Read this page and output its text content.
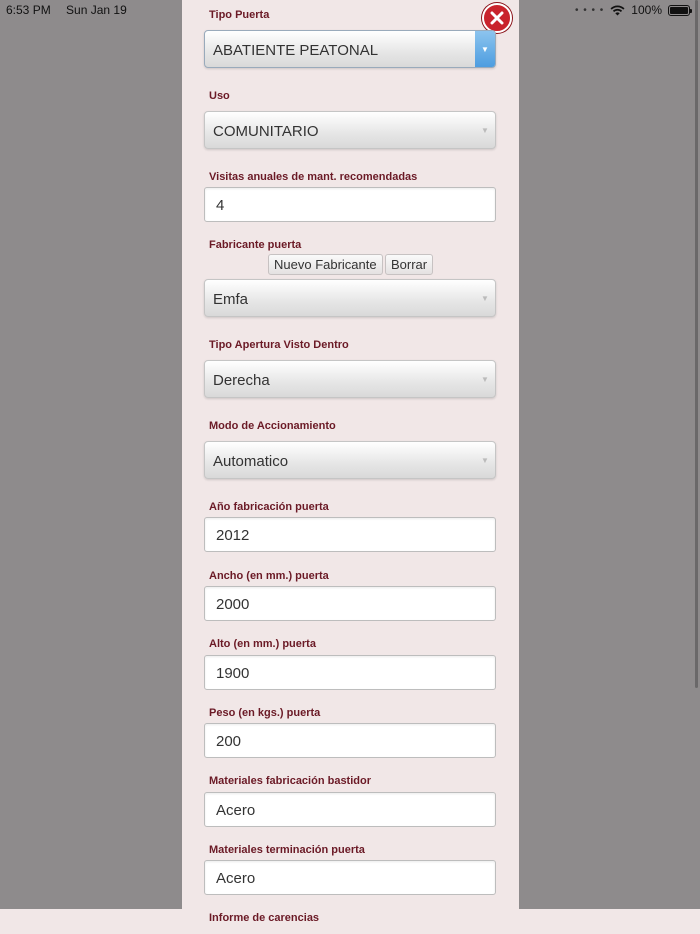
6:53 PM Sun Jan 19	• • • • 100%
Tipo Puerta
ABATIENTE PEATONAL	▼
Uso
COMUNITARIO	▼
Visitas anuales de mant. recomendadas
4
Fabricante puerta
Nuevo Fabricante	Borrar
Emfa	▼
Tipo Apertura Visto Dentro
Derecha	▼
Modo de Accionamiento
Automatico	▼
Año fabricación puerta
2012
Ancho (en mm.) puerta
2000
Alto (en mm.) puerta
1900
Peso (en kgs.) puerta
200
Materiales fabricación bastidor
Acero
Materiales terminación puerta
Acero
Informe de carencias
